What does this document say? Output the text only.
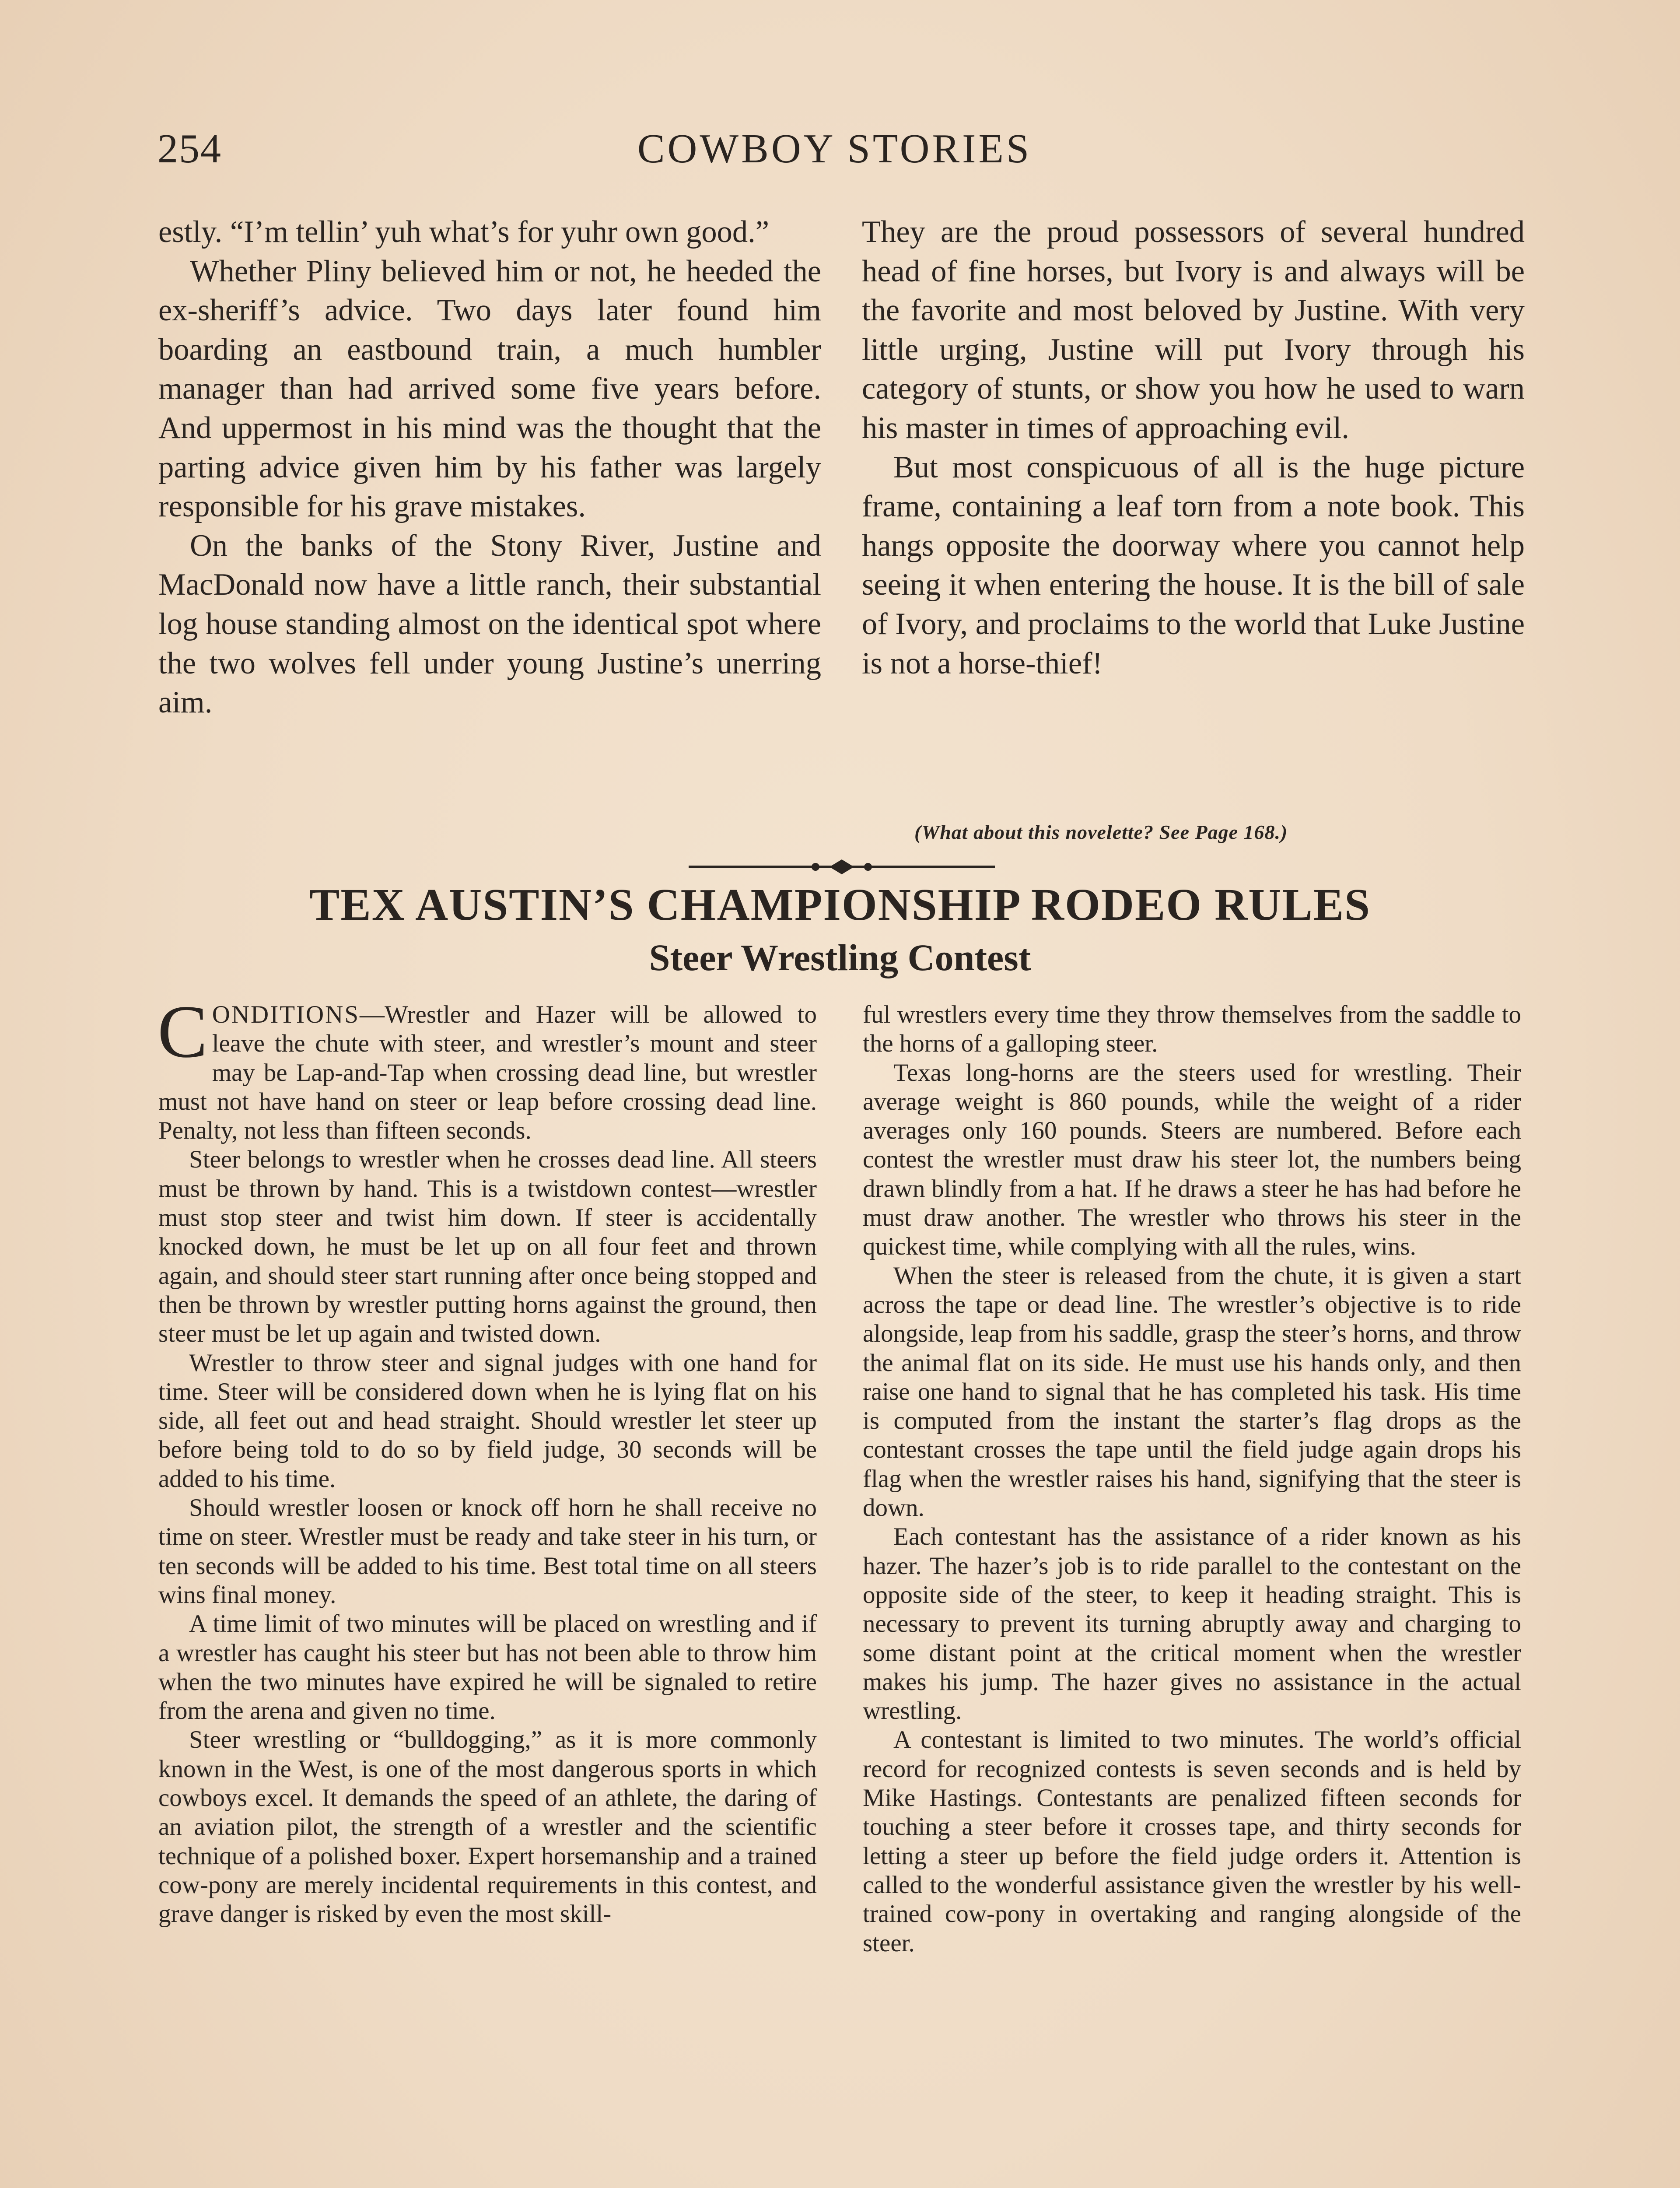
254	COWBOY STORIES

estly. “I’m tellin’ yuh what’s for yuhr own good.”

Whether Pliny believed him or not, he heeded the ex-sheriff’s advice. Two days later found him boarding an eastbound train, a much humbler manager than had arrived some five years before. And uppermost in his mind was the thought that the parting advice given him by his father was largely responsible for his grave mistakes.

On the banks of the Stony River, Justine and MacDonald now have a little ranch, their substantial log house standing almost on the identical spot where the two wolves fell under young Justine’s unerring aim.

They are the proud possessors of several hundred head of fine horses, but Ivory is and always will be the favorite and most beloved by Justine. With very little urging, Justine will put Ivory through his category of stunts, or show you how he used to warn his master in times of approaching evil.

But most conspicuous of all is the huge picture frame, containing a leaf torn from a note book. This hangs opposite the doorway where you cannot help seeing it when entering the house. It is the bill of sale of Ivory, and proclaims to the world that Luke Justine is not a horse-thief!

(What about this novelette? See Page 168.)
TEX AUSTIN’S CHAMPIONSHIP RODEO RULES
Steer Wrestling Contest

CONDITIONS—Wrestler and Hazer will be allowed to leave the chute with steer, and wrestler’s mount and steer may be Lap-and-Tap when crossing dead line, but wrestler must not have hand on steer or leap before crossing dead line. Penalty, not less than fifteen seconds.

Steer belongs to wrestler when he crosses dead line. All steers must be thrown by hand. This is a twistdown contest—wrestler must stop steer and twist him down. If steer is accidentally knocked down, he must be let up on all four feet and thrown again, and should steer start running after once being stopped and then be thrown by wrestler putting horns against the ground, then steer must be let up again and twisted down.

Wrestler to throw steer and signal judges with one hand for time. Steer will be considered down when he is lying flat on his side, all feet out and head straight. Should wrestler let steer up before being told to do so by field judge, 30 seconds will be added to his time.

Should wrestler loosen or knock off horn he shall receive no time on steer. Wrestler must be ready and take steer in his turn, or ten seconds will be added to his time. Best total time on all steers wins final money.

A time limit of two minutes will be placed on wrestling and if a wrestler has caught his steer but has not been able to throw him when the two minutes have expired he will be signaled to retire from the arena and given no time.

Steer wrestling or “bulldogging,” as it is more commonly known in the West, is one of the most dangerous sports in which cowboys excel. It demands the speed of an athlete, the daring of an aviation pilot, the strength of a wrestler and the scientific technique of a polished boxer. Expert horsemanship and a trained cow-pony are merely incidental requirements in this contest, and grave danger is risked by even the most skill-

ful wrestlers every time they throw themselves from the saddle to the horns of a galloping steer.

Texas long-horns are the steers used for wrestling. Their average weight is 860 pounds, while the weight of a rider averages only 160 pounds. Steers are numbered. Before each contest the wrestler must draw his steer lot, the numbers being drawn blindly from a hat. If he draws a steer he has had before he must draw another. The wrestler who throws his steer in the quickest time, while complying with all the rules, wins.

When the steer is released from the chute, it is given a start across the tape or dead line. The wrestler’s objective is to ride alongside, leap from his saddle, grasp the steer’s horns, and throw the animal flat on its side. He must use his hands only, and then raise one hand to signal that he has completed his task. His time is computed from the instant the starter’s flag drops as the contestant crosses the tape until the field judge again drops his flag when the wrestler raises his hand, signifying that the steer is down.

Each contestant has the assistance of a rider known as his hazer. The hazer’s job is to ride parallel to the contestant on the opposite side of the steer, to keep it heading straight. This is necessary to prevent its turning abruptly away and charging to some distant point at the critical moment when the wrestler makes his jump. The hazer gives no assistance in the actual wrestling.

A contestant is limited to two minutes. The world’s official record for recognized contests is seven seconds and is held by Mike Hastings. Contestants are penalized fifteen seconds for touching a steer before it crosses tape, and thirty seconds for letting a steer up before the field judge orders it. Attention is called to the wonderful assistance given the wrestler by his well-trained cow-pony in overtaking and ranging alongside of the steer.
